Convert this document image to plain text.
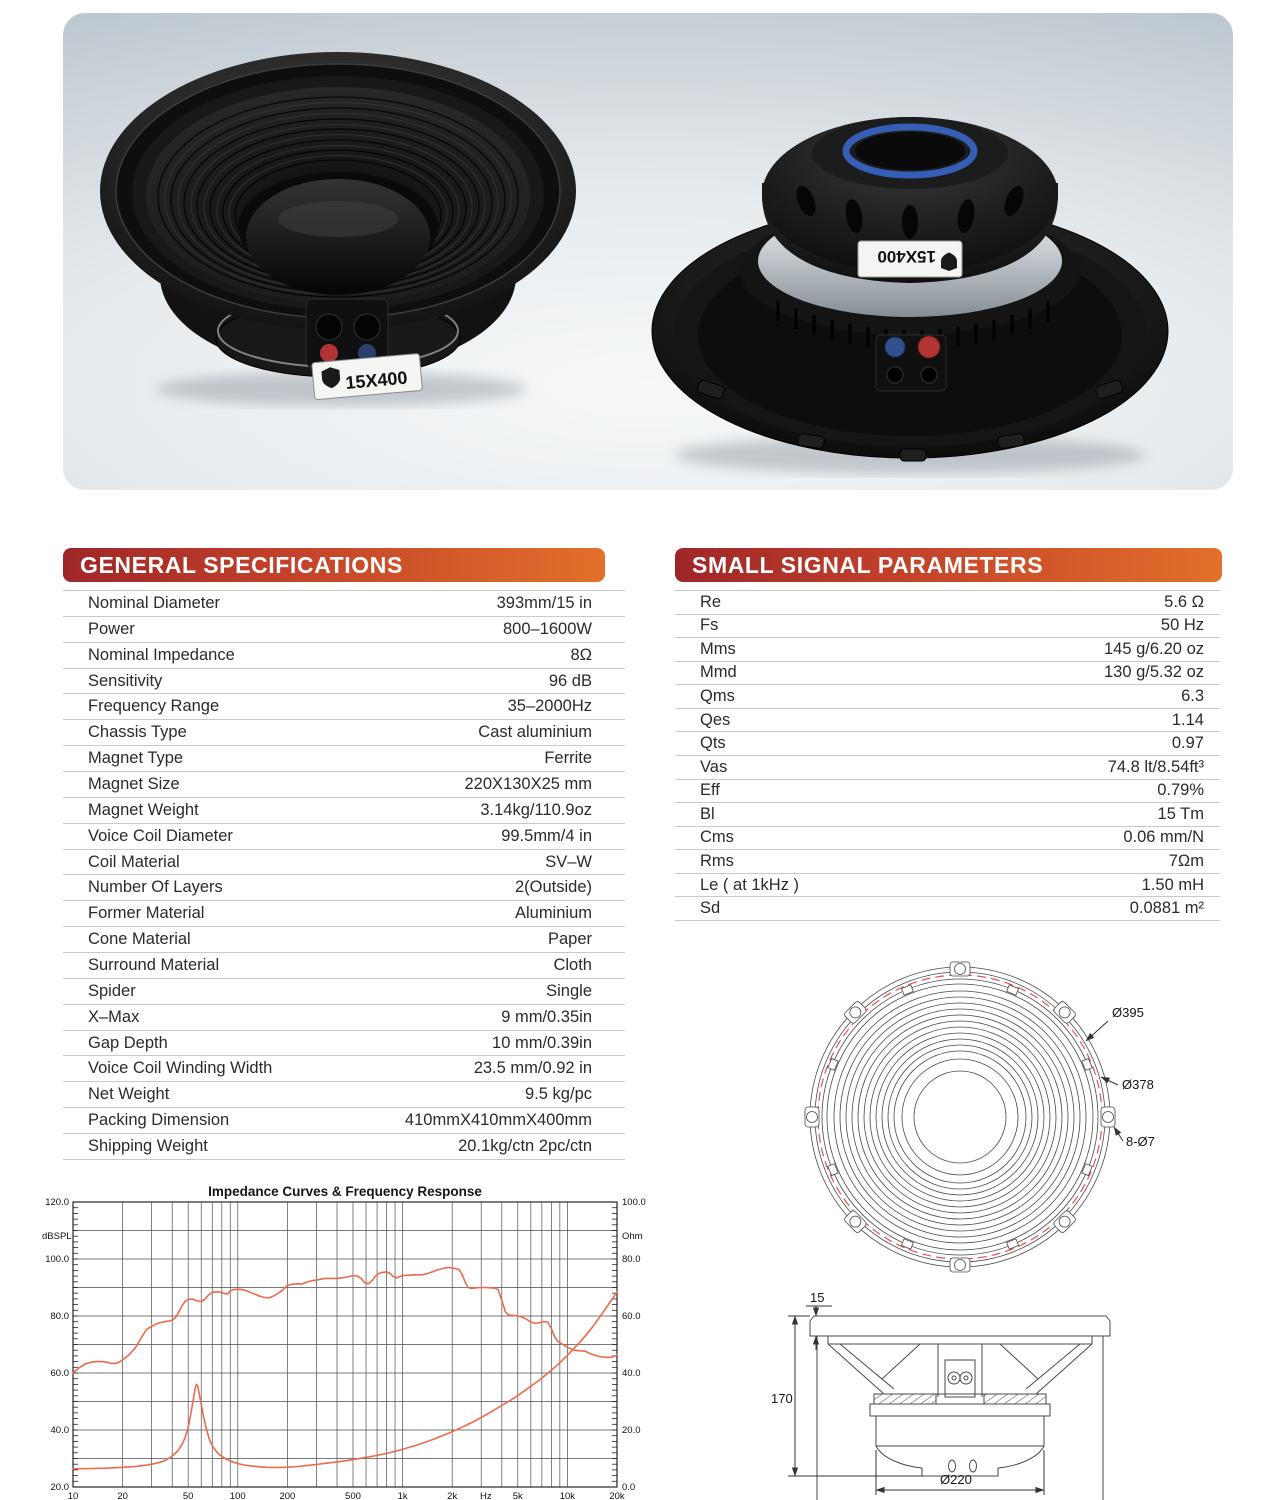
15X400
15X400
GENERAL SPECIFICATIONS
Nominal Diameter	393mm/15 in
Power	800–1600W
Nominal Impedance	8Ω
Sensitivity	96 dB
Frequency Range	35–2000Hz
Chassis Type	Cast aluminium
Magnet Type	Ferrite
Magnet Size	220X130X25 mm
Magnet Weight	3.14kg/110.9oz
Voice Coil Diameter	99.5mm/4 in
Coil Material	SV–W
Number Of Layers	2(Outside)
Former Material	Aluminium
Cone Material	Paper
Surround Material	Cloth
Spider	Single
X–Max	9 mm/0.35in
Gap Depth	10 mm/0.39in
Voice Coil Winding Width	23.5 mm/0.92 in
Net Weight	9.5 kg/pc
Packing Dimension	410mmX410mmX400mm
Shipping Weight	20.1kg/ctn 2pc/ctn
SMALL SIGNAL PARAMETERS
Re	5.6 Ω
Fs	50 Hz
Mms	145 g/6.20 oz
Mmd	130 g/5.32 oz
Qms	6.3
Qes	1.14
Qts	0.97
Vas	74.8 lt/8.54ft³
Eff	0.79%
Bl	15 Tm
Cms	0.06 mm/N
Rms	7Ωm
Le ( at 1kHz )	1.50 mH
Sd	0.0881 m²
Impedance Curves & Frequency Response
120.0
100.0
80.0
60.0
40.0
20.0
100.0
80.0
60.0
40.0
20.0
0.0
dBSPL	Ohm
10	20	50	100	200	500	1k	2k Hz 5k	10k	20k
Ø395
Ø378
8-Ø7
15
170
Ø220
